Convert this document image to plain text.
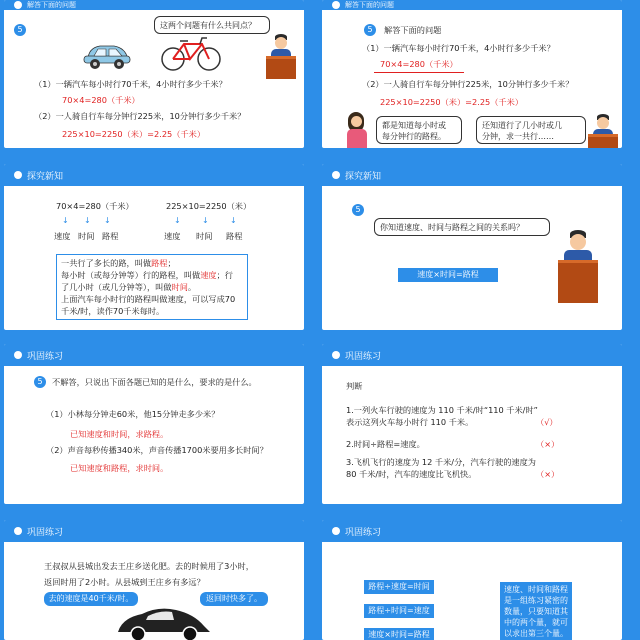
解答下面的问题
5	这两个问题有什么共同点？
（1）一辆汽车每小时行70千米，4小时行多少千米？
70×4=280（千米）
（2）一人骑自行车每分钟行225米，10分钟行多少千米？
225×10=2250（米）=2.25（千米）
解答下面的问题
5	解答下面的问题
（1）一辆汽车每小时行70千米，4小时行多少千米？
70×4=280（千米）
（2）一人骑自行车每分钟行225米，10分钟行多少千米？
225×10=2250（米）=2.25（千米）
都是知道每小时或
每分钟行的路程。
还知道行了几小时或几
分钟，求一共行……
探究新知
70×4=280（千米）	225×10=2250（米）
↓ ↓ ↓	↓	↓	↓
速度 时间 路程	速度 时间 路程
一共行了多长的路，叫做路程；
每小时（或每分钟等）行的路程，叫做速度；行
了几小时（或几分钟等），叫做时间。
上面汽车每小时行的路程叫做速度，可以写成70
千米/时，读作70千米每时。
探究新知
5
你知道速度、时间与路程之间的关系吗？
速度×时间=路程
巩固练习
5	不解答，只说出下面各题已知的是什么，要求的是什么。
（1）小林每分钟走60米，他15分钟走多少米？
已知速度和时间，求路程。
（2）声音每秒传播340米，声音传播1700米要用多长时间？
已知速度和路程，求时间。
巩固练习
判断
1.一列火车行驶的速度为 110 千米/时“110 千米/时”
表示这列火车每小时行 110 千米。	（√）
2.时间÷路程=速度。	（×）
3.飞机飞行的速度为 12 千米/分，汽车行驶的速度为
80 千米/时，汽车的速度比飞机快。	（×）
巩固练习
王叔叔从县城出发去王庄乡送化肥。去的时候用了3小时，
返回时用了2小时。从县城到王庄乡有多远？
去的速度是40千米/时。	返回时快多了。
巩固练习
路程÷速度=时间
路程÷时间=速度
速度×时间=路程
速度、时间和路程
是一组练习紧密的
数量，只要知道其
中的两个量，就可
以求出第三个量。
